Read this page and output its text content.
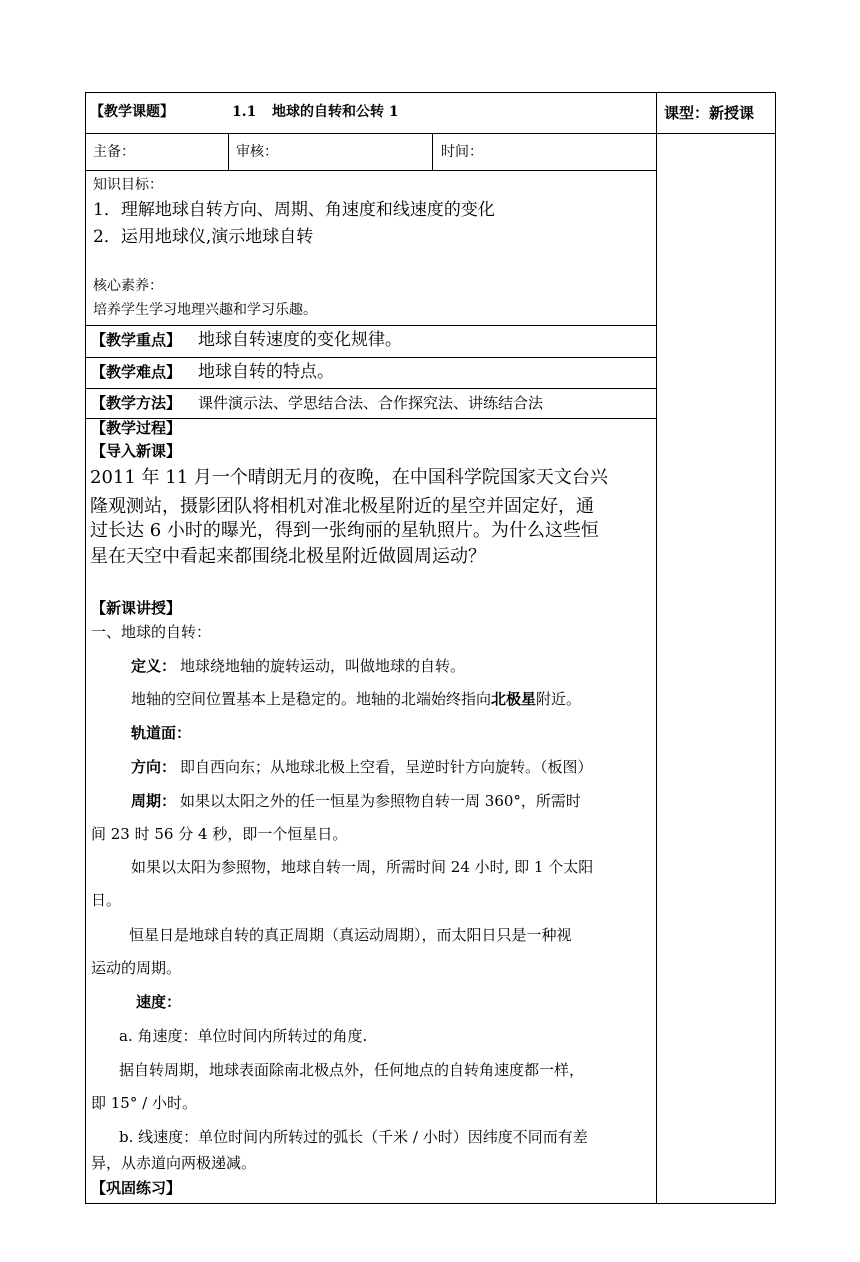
【教学课题】	1.1 地球的自转和公转 1	课型：新授课
主备：	审核：	时间：
知识目标：
1．理解地球自转方向、周期、角速度和线速度的变化
2．运用地球仪,演示地球自转
核心素养：
培养学生学习地理兴趣和学习乐趣。
【教学重点】 地球自转速度的变化规律。
【教学难点】 地球自转的特点。
【教学方法】 课件演示法、学思结合法、合作探究法、讲练结合法
【教学过程】
【导入新课】
2011 年 11 月一个晴朗无月的夜晚，在中国科学院国家天文台兴
隆观测站，摄影团队将相机对准北极星附近的星空并固定好，通
过长达 6 小时的曝光，得到一张绚丽的星轨照片。为什么这些恒
星在天空中看起来都围绕北极星附近做圆周运动？
【新课讲授】
一、地球的自转：
定义： 地球绕地轴的旋转运动，叫做地球的自转。
地轴的空间位置基本上是稳定的。地轴的北端始终指向北极星附近。
轨道面：
方向： 即自西向东；从地球北极上空看，呈逆时针方向旋转。（板图）
周期： 如果以太阳之外的任一恒星为参照物自转一周 360°，所需时
间 23 时 56 分 4 秒，即一个恒星日。
如果以太阳为参照物，地球自转一周，所需时间 24 小时, 即 1 个太阳
日。
恒星日是地球自转的真正周期（真运动周期），而太阳日只是一种视
运动的周期。
速度：
a. 角速度：单位时间内所转过的角度.
据自转周期，地球表面除南北极点外，任何地点的自转角速度都一样，
即 15° / 小时。
b. 线速度：单位时间内所转过的弧长（千米 / 小时）因纬度不同而有差
异，从赤道向两极递减。
【巩固练习】
